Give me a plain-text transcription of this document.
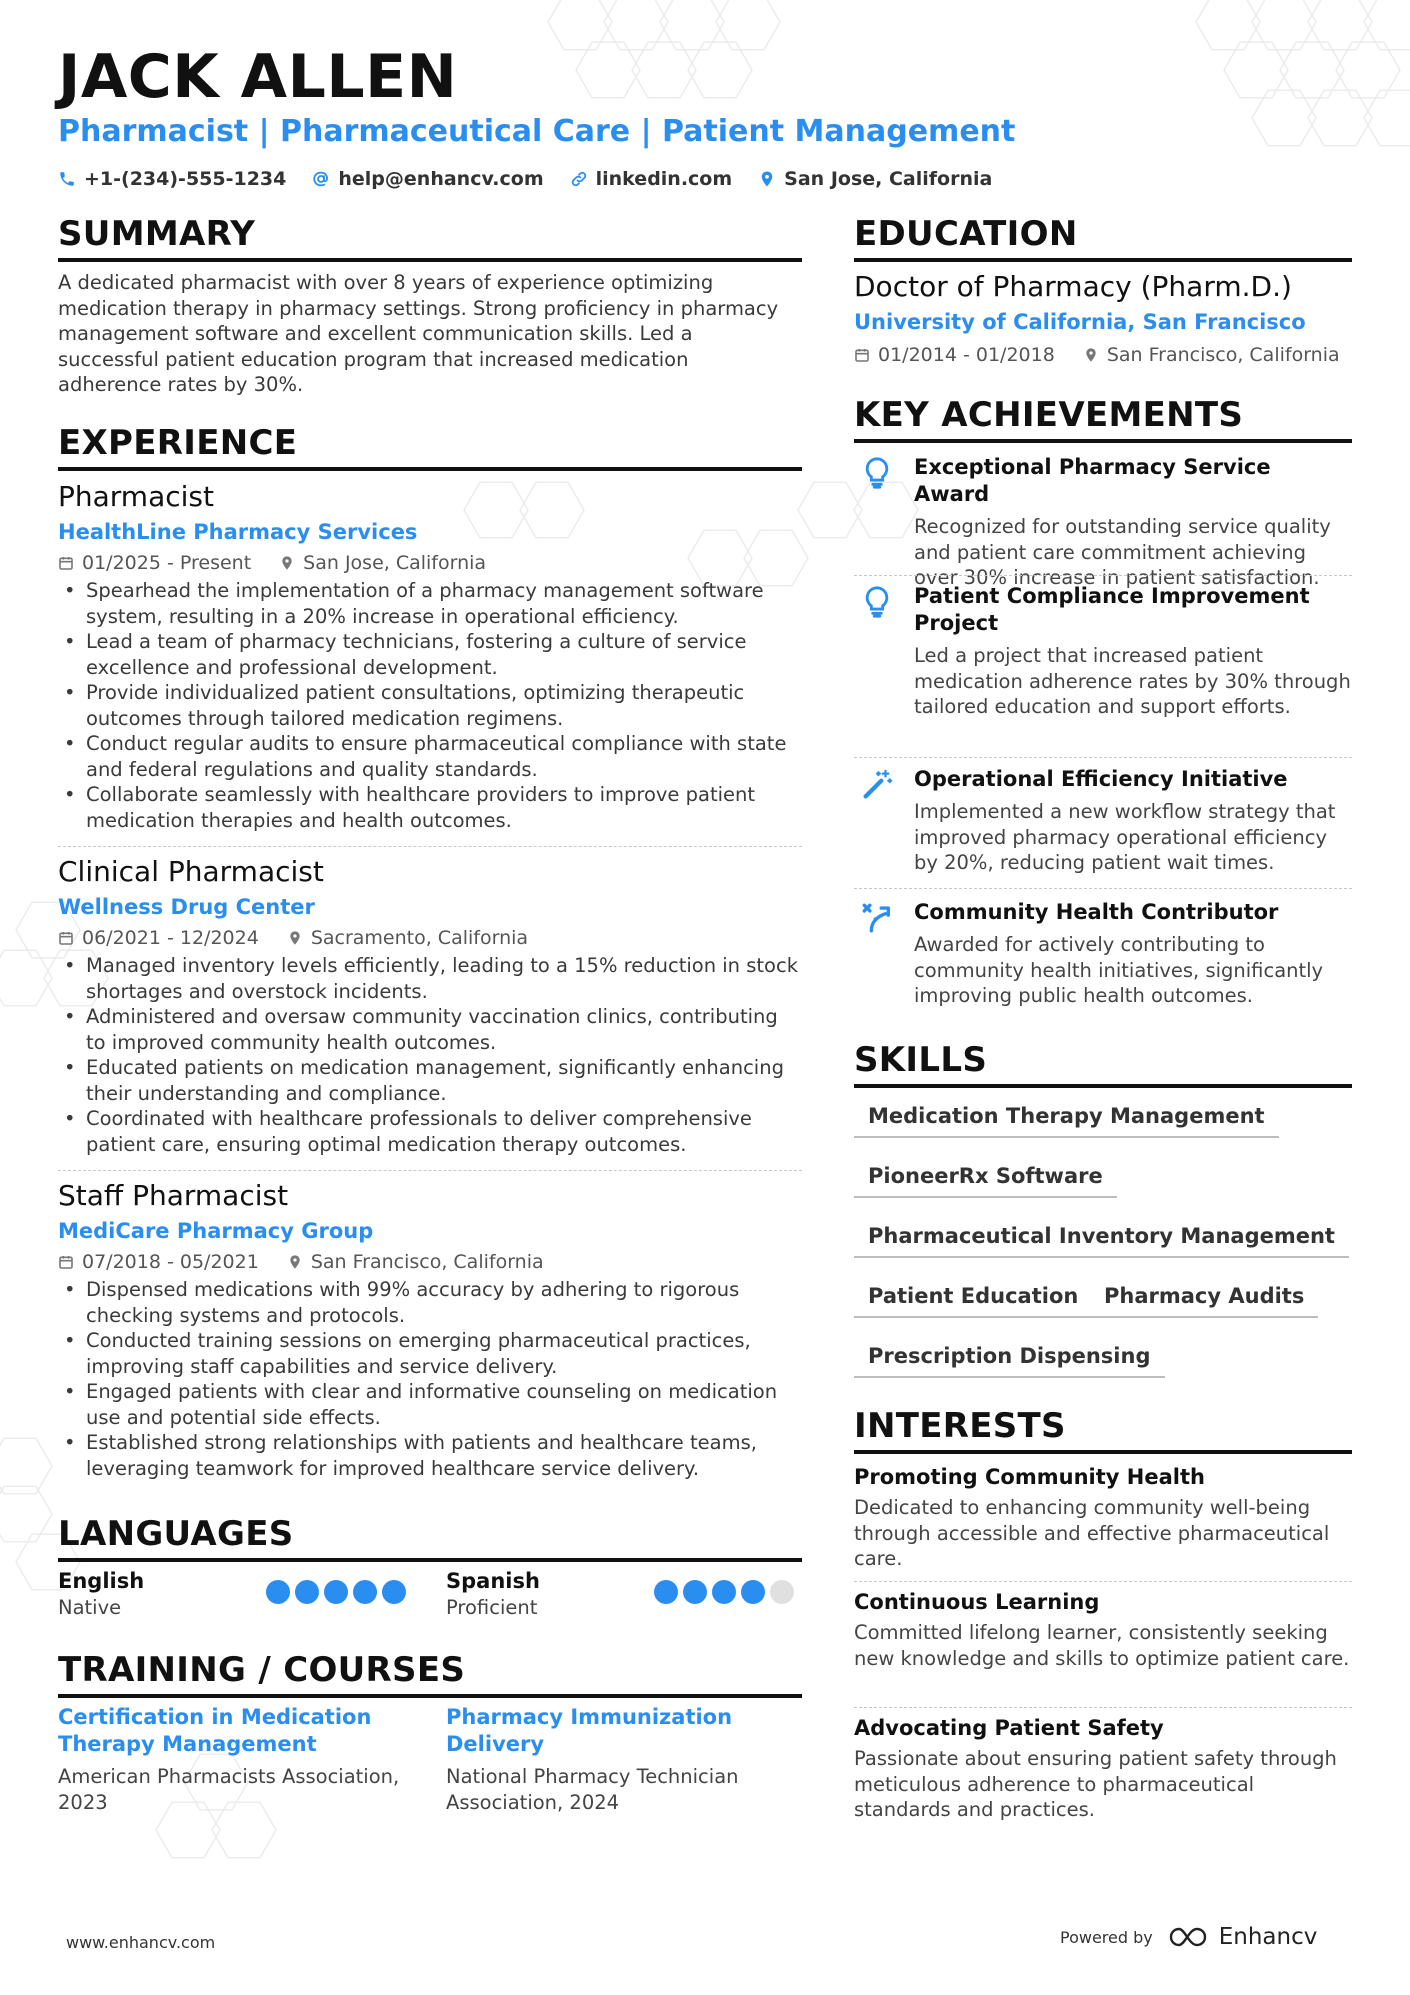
JACK ALLEN
Pharmacist | Pharmaceutical Care | Patient Management
+1-(234)-555-1234	help@enhancv.com	linkedin.com	San Jose, California
SUMMARY
A dedicated pharmacist with over 8 years of experience optimizing medication therapy in pharmacy settings. Strong proficiency in pharmacy management software and excellent communication skills. Led a successful patient education program that increased medication adherence rates by 30%.
EXPERIENCE
Pharmacist
HealthLine Pharmacy Services
01/2025 - Present	San Jose, California
• Spearhead the implementation of a pharmacy management software system, resulting in a 20% increase in operational efficiency.
• Lead a team of pharmacy technicians, fostering a culture of service excellence and professional development.
• Provide individualized patient consultations, optimizing therapeutic outcomes through tailored medication regimens.
• Conduct regular audits to ensure pharmaceutical compliance with state and federal regulations and quality standards.
• Collaborate seamlessly with healthcare providers to improve patient medication therapies and health outcomes.
Clinical Pharmacist
Wellness Drug Center
06/2021 - 12/2024	Sacramento, California
• Managed inventory levels efficiently, leading to a 15% reduction in stock shortages and overstock incidents.
• Administered and oversaw community vaccination clinics, contributing to improved community health outcomes.
• Educated patients on medication management, significantly enhancing their understanding and compliance.
• Coordinated with healthcare professionals to deliver comprehensive patient care, ensuring optimal medication therapy outcomes.
Staff Pharmacist
MediCare Pharmacy Group
07/2018 - 05/2021	San Francisco, California
• Dispensed medications with 99% accuracy by adhering to rigorous checking systems and protocols.
• Conducted training sessions on emerging pharmaceutical practices, improving staff capabilities and service delivery.
• Engaged patients with clear and informative counseling on medication use and potential side effects.
• Established strong relationships with patients and healthcare teams, leveraging teamwork for improved healthcare service delivery.
LANGUAGES
English
Native
Spanish
Proficient
TRAINING / COURSES
Certification in Medication Therapy Management
American Pharmacists Association, 2023
Pharmacy Immunization Delivery
National Pharmacy Technician Association, 2024
EDUCATION
Doctor of Pharmacy (Pharm.D.)
University of California, San Francisco
01/2014 - 01/2018	San Francisco, California
KEY ACHIEVEMENTS
Exceptional Pharmacy Service Award
Recognized for outstanding service quality and patient care commitment achieving over 30% increase in patient satisfaction.
Patient Compliance Improvement Project
Led a project that increased patient medication adherence rates by 30% through tailored education and support efforts.
Operational Efficiency Initiative
Implemented a new workflow strategy that improved pharmacy operational efficiency by 20%, reducing patient wait times.
Community Health Contributor
Awarded for actively contributing to community health initiatives, significantly improving public health outcomes.
SKILLS
Medication Therapy Management
PioneerRx Software
Pharmaceutical Inventory Management
Patient Education	Pharmacy Audits
Prescription Dispensing
INTERESTS
Promoting Community Health
Dedicated to enhancing community well-being through accessible and effective pharmaceutical care.
Continuous Learning
Committed lifelong learner, consistently seeking new knowledge and skills to optimize patient care.
Advocating Patient Safety
Passionate about ensuring patient safety through meticulous adherence to pharmaceutical standards and practices.
www.enhancv.com	Powered by	Enhancv
